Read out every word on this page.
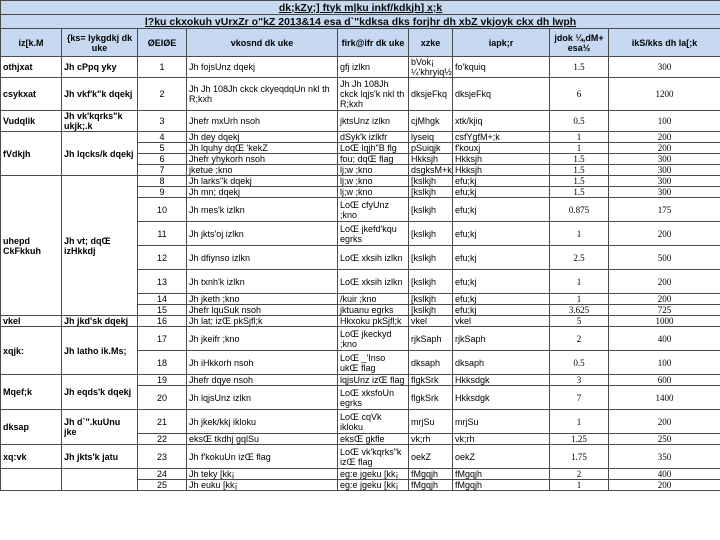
dk;kZy;] ftyk m|ku inkf/kdkjh] x;k								
l?ku ckxokuh vUrxZr o"kZ 2013&14 esa d`"kdksa dks forjhr dh xbZ vkjoyk ckx dh lwph								
iz[k.M	{ks= lykgdkj dk uke	ØEIØE	vkosnd dk uke	firk@ifr dk uke	xzke	iapk;r	jdok ¼,dM+ esa½	ikS/kks dh la[;k
othjxat	Jh cPpq yky	1	Jh fojsUnz dqekj	gfj izlkn	bVok¡ ¼'khryiq½	fo'kquiq	1.5	300
csykxat	Jh vkf'k"k dqekj	2	Jh Jh 108Jh ckck ckyeqdqUn nkl th R;kxh	Jh Jh 108Jh ckck lqjs'k nkl th R;kxh	dksjeFkq	dksjeFkq	6	1200
Vudqlik	Jh vk'kqrks"k ukjk;.k	3	Jhefr mxUrh nsoh	jktsUnz izlkn	cjMhgk	xtk/kjiq	0.5	100
fVdkjh	Jh lqcks/k dqekj	4	Jh dey dqekj	dSyk'k izlkfr	lyseiq	csfYgfM+;k	1	200
		5	Jh lquhy dqŒ 'kekZ	LoŒ lqjh"B flg	pSuiqjk	f'kouxj	1	200
		6	Jhefr yhykorh nsoh	fou; dqŒ flag	Hkksjh	Hkksjh	1.5	300
		7	jketue ;kno	lj;w ;kno	dsgksM+k	Hkksjh	1.5	300
uhepd CkFkkuh	Jh vt; dqŒ izHkkdj	8	Jh larks"k dqekj	lj;w ;kno	[kslkjh	efu;kj	1.5	300
		9	Jh mn; dqekj	lj;w ;kno	[kslkjh	efu;kj	1.5	300
		10	Jh mes'k izlkn	LoŒ cfyUnz ;kno	[kslkjh	efu;kj	0.875	175
		11	Jh jkts'oj izlkn	LoŒ jkefd'kqu egrks	[kslkjh	efu;kj	1	200
		12	Jh dfiynso izlkn	LoŒ xksih izlkn	[kslkjh	efu;kj	2.5	500
		13	Jh txnh'k izlkn	LoŒ xksih izlkn	[kslkjh	efu;kj	1	200
		14	Jh jketh ;kno	/kuir ;kno	[kslkjh	efu;kj	1	200
		15	Jhefr lquSuk nsoh	jktuanu egrks	[kslkjh	efu;kj	3.625	725
vkel	Jh jkd'sk dqekj	16	Jh lat; izŒ pkSjfl;k	Hkxoku pkSjfl;k	vkel	vkel	5	1000
xqjk:	Jh latho ik.Ms;	17	Jh jkeifr ;kno	LoŒ jkeckyd ;kno	rjkSaph	rjkSaph	2	400
		18	Jh iHkkorh nsoh	LoŒ _'Inso ukŒ flag	dksaph	dksaph	0.5	100
Mqef;k	Jh eqds'k dqekj	19	Jhefr dqye nsoh	lqjsUnz izŒ flag	flgkSrk	Hkksdgk	3	600
		20	Jh lqjsUnz izlkn	LoŒ xksfoUn egrks	flgkSrk	Hkksdgk	7	1400
dksap	Jh d`".kuUnu jke	21	Jh jkek/kkj ikloku	LoŒ cqVk ikloku	mrjSu	mrjSu	1	200
		22	eksŒ tkdhj gqlSu	eksŒ gkfle	vk;rh	vk;rh	1.25	250
xq:vk	Jh jkts'k jatu	23	Jh f'kokuUn izŒ flag	LoŒ vk'kqrks"k izŒ flag	oekZ	oekZ	1.75	350
		24	Jh teky [kk¡	eg:e jgeku [kk¡	fMgqjh	fMgqjh	2	400
		25	Jh euku [kk¡	eg:e jgeku [kk¡	fMgqjh	fMgqjh	1	200
